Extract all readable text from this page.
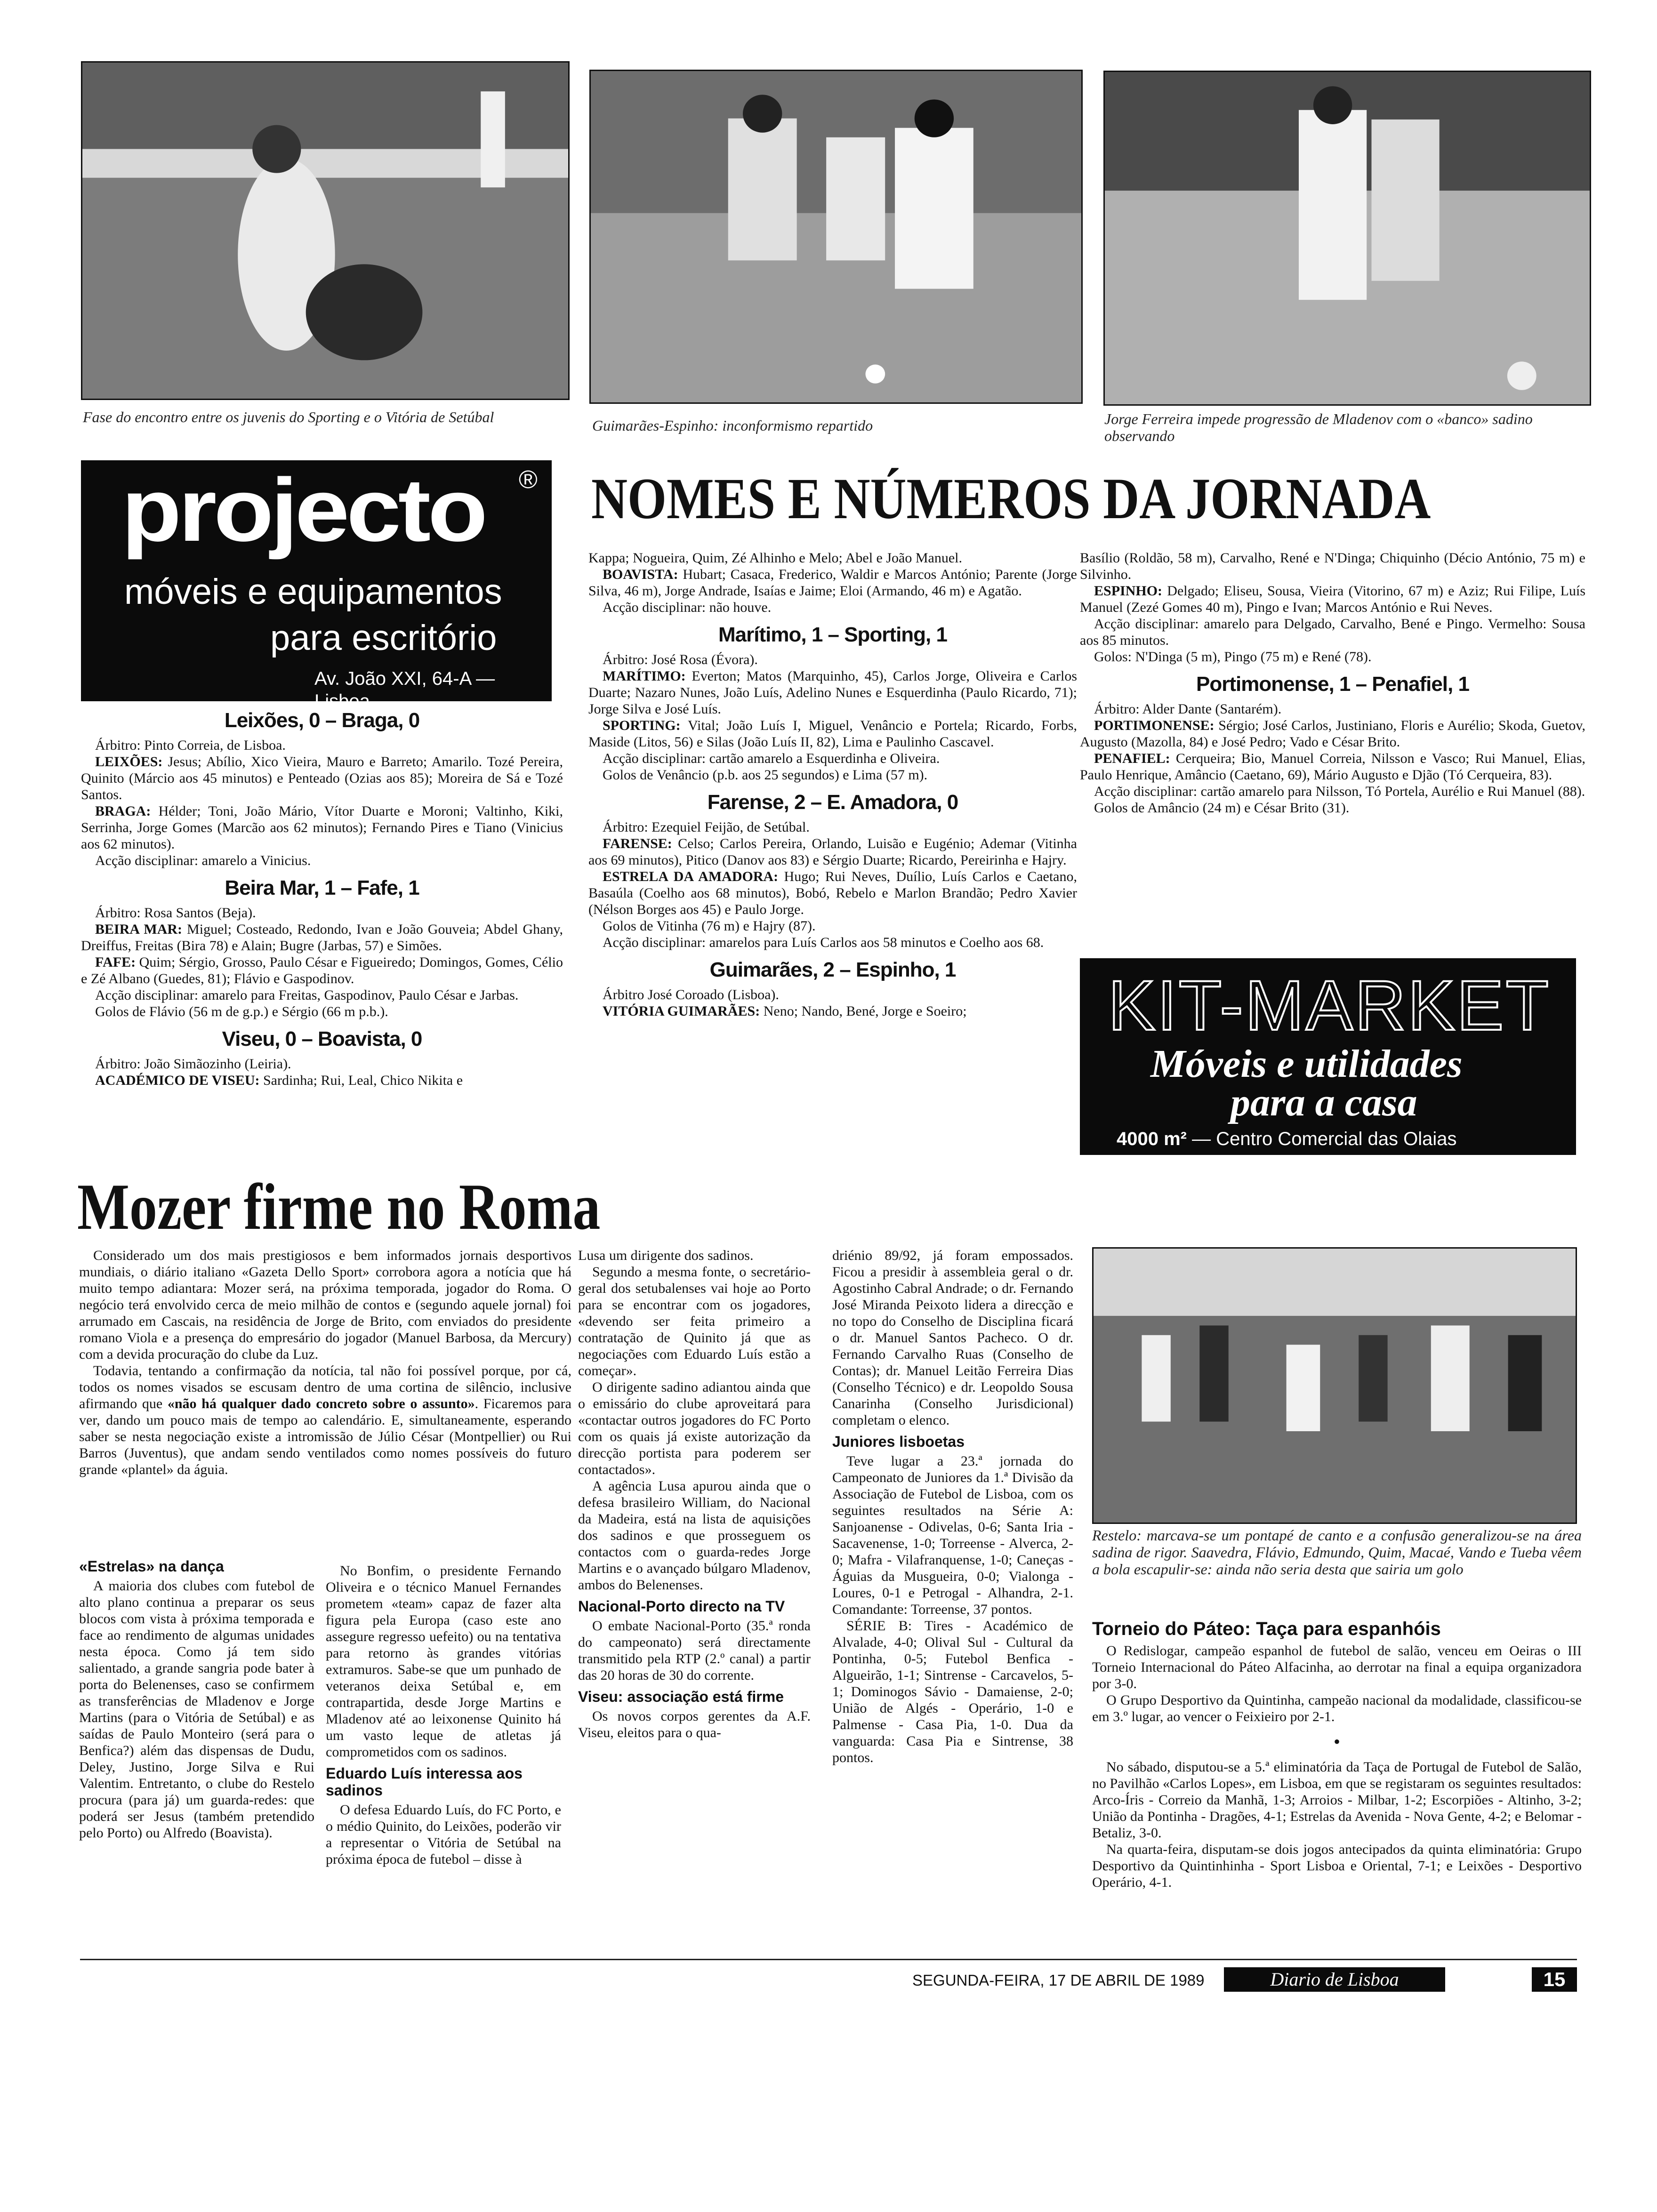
Fase do encontro entre os juvenis do Sporting e o Vitória de Setúbal	Guimarães-Espinho: inconformismo repartido	Jorge Ferreira impede progressão de Mladenov com o «banco» sadino observando
projecto ®
móveis e equipamentos
para escritório
Av. João XXI, 64-A — Lisboa
NOMES E NÚMEROS DA JORNADA
Leixões, 0 – Braga, 0

Árbitro: Pinto Correia, de Lisboa.

LEIXÕES: Jesus; Abílio, Xico Vieira, Mauro e Barreto; Amarilo. Tozé Pereira, Quinito (Márcio aos 45 minutos) e Penteado (Ozias aos 85); Moreira de Sá e Tozé Santos.

BRAGA: Hélder; Toni, João Mário, Vítor Duarte e Moroni; Valtinho, Kiki, Serrinha, Jorge Gomes (Marcão aos 62 minutos); Fernando Pires e Tiano (Vinicius aos 62 minutos).

Acção disciplinar: amarelo a Vinicius.

Beira Mar, 1 – Fafe, 1

Árbitro: Rosa Santos (Beja).

BEIRA MAR: Miguel; Costeado, Redondo, Ivan e João Gouveia; Abdel Ghany, Dreiffus, Freitas (Bira 78) e Alain; Bugre (Jarbas, 57) e Simões.

FAFE: Quim; Sérgio, Grosso, Paulo César e Figueiredo; Domingos, Gomes, Célio e Zé Albano (Guedes, 81); Flávio e Gaspodinov.

Acção disciplinar: amarelo para Freitas, Gaspodinov, Paulo César e Jarbas.

Golos de Flávio (56 m de g.p.) e Sérgio (66 m p.b.).

Viseu, 0 – Boavista, 0

Árbitro: João Simãozinho (Leiria).

ACADÉMICO DE VISEU: Sardinha; Rui, Leal, Chico Nikita e

Kappa; Nogueira, Quim, Zé Alhinho e Melo; Abel e João Manuel.

BOAVISTA: Hubart; Casaca, Frederico, Waldir e Marcos António; Parente (Jorge Silva, 46 m), Jorge Andrade, Isaías e Jaime; Eloi (Armando, 46 m) e Agatão.

Acção disciplinar: não houve.

Marítimo, 1 – Sporting, 1

Árbitro: José Rosa (Évora).

MARÍTIMO: Everton; Matos (Marquinho, 45), Carlos Jorge, Oliveira e Carlos Duarte; Nazaro Nunes, João Luís, Adelino Nunes e Esquerdinha (Paulo Ricardo, 71); Jorge Silva e José Luís.

SPORTING: Vital; João Luís I, Miguel, Venâncio e Portela; Ricardo, Forbs, Maside (Litos, 56) e Silas (João Luís II, 82), Lima e Paulinho Cascavel.

Acção disciplinar: cartão amarelo a Esquerdinha e Oliveira.

Golos de Venâncio (p.b. aos 25 segundos) e Lima (57 m).

Farense, 2 – E. Amadora, 0

Árbitro: Ezequiel Feijão, de Setúbal.

FARENSE: Celso; Carlos Pereira, Orlando, Luisão e Eugénio; Ademar (Vitinha aos 69 minutos), Pitico (Danov aos 83) e Sérgio Duarte; Ricardo, Pereirinha e Hajry.

ESTRELA DA AMADORA: Hugo; Rui Neves, Duílio, Luís Carlos e Caetano, Basaúla (Coelho aos 68 minutos), Bobó, Rebelo e Marlon Brandão; Pedro Xavier (Nélson Borges aos 45) e Paulo Jorge.

Golos de Vitinha (76 m) e Hajry (87).

Acção disciplinar: amarelos para Luís Carlos aos 58 minutos e Coelho aos 68.

Guimarães, 2 – Espinho, 1

Árbitro José Coroado (Lisboa).

VITÓRIA GUIMARÃES: Neno; Nando, Bené, Jorge e Soeiro;

Basílio (Roldão, 58 m), Carvalho, René e N'Dinga; Chiquinho (Décio António, 75 m) e Silvinho.

ESPINHO: Delgado; Eliseu, Sousa, Vieira (Vitorino, 67 m) e Aziz; Rui Filipe, Luís Manuel (Zezé Gomes 40 m), Pingo e Ivan; Marcos António e Rui Neves.

Acção disciplinar: amarelo para Delgado, Carvalho, Bené e Pingo. Vermelho: Sousa aos 85 minutos.

Golos: N'Dinga (5 m), Pingo (75 m) e René (78).

Portimonense, 1 – Penafiel, 1

Árbitro: Alder Dante (Santarém).

PORTIMONENSE: Sérgio; José Carlos, Justiniano, Floris e Aurélio; Skoda, Guetov, Augusto (Mazolla, 84) e José Pedro; Vado e César Brito.

PENAFIEL: Cerqueira; Bio, Manuel Correia, Nilsson e Vasco; Rui Manuel, Elias, Paulo Henrique, Amâncio (Caetano, 69), Mário Augusto e Djão (Tó Cerqueira, 83).

Acção disciplinar: cartão amarelo para Nilsson, Tó Portela, Aurélio e Rui Manuel (88).

Golos de Amâncio (24 m) e César Brito (31).

KIT-MARKET
Móveis e utilidades
para a casa
4000 m² — Centro Comercial das Olaias
Mozer firme no Roma

Considerado um dos mais prestigiosos e bem informados jornais desportivos mundiais, o diário italiano «Gazeta Dello Sport» corrobora agora a notícia que há muito tempo adiantara: Mozer será, na próxima temporada, jogador do Roma. O negócio terá envolvido cerca de meio milhão de contos e (segundo aquele jornal) foi arrumado em Cascais, na residência de Jorge de Brito, com enviados do presidente romano Viola e a presença do empresário do jogador (Manuel Barbosa, da Mercury) com a devida procuração do clube da Luz.

Todavia, tentando a confirmação da notícia, tal não foi possível porque, por cá, todos os nomes visados se escusam dentro de uma cortina de silêncio, inclusive afirmando que «não há qualquer dado concreto sobre o assunto». Ficaremos para ver, dando um pouco mais de tempo ao calendário. E, simultaneamente, esperando saber se nesta negociação existe a intromissão de Júlio César (Montpellier) ou Rui Barros (Juventus), que andam sendo ventilados como nomes possíveis do futuro grande «plantel» da águia.

«Estrelas» na dança

A maioria dos clubes com futebol de alto plano continua a preparar os seus blocos com vista à próxima temporada e face ao rendimento de algumas unidades nesta época. Como já tem sido salientado, a grande sangria pode bater à porta do Belenenses, caso se confirmem as transferências de Mladenov e Jorge Martins (para o Vitória de Setúbal) e as saídas de Paulo Monteiro (será para o Benfica?) além das dispensas de Dudu, Deley, Justino, Jorge Silva e Rui Valentim. Entretanto, o clube do Restelo procura (para já) um guarda-redes: que poderá ser Jesus (também pretendido pelo Porto) ou Alfredo (Boavista).

No Bonfim, o presidente Fernando Oliveira e o técnico Manuel Fernandes prometem «team» capaz de fazer alta figura pela Europa (caso este ano assegure regresso uefeito) ou na tentativa para retorno às grandes vitórias extramuros. Sabe-se que um punhado de veteranos deixa Setúbal e, em contrapartida, desde Jorge Martins e Mladenov até ao leixonense Quinito há um vasto leque de atletas já comprometidos com os sadinos.

Eduardo Luís interessa aos sadinos

O defesa Eduardo Luís, do FC Porto, e o médio Quinito, do Leixões, poderão vir a representar o Vitória de Setúbal na próxima época de futebol – disse à

Lusa um dirigente dos sadinos.

Segundo a mesma fonte, o secretário-geral dos setubalenses vai hoje ao Porto para se encontrar com os jogadores, «devendo ser feita primeiro a contratação de Quinito já que as negociações com Eduardo Luís estão a começar».

O dirigente sadino adiantou ainda que o emissário do clube aproveitará para «contactar outros jogadores do FC Porto com os quais já existe autorização da direcção portista para poderem ser contactados».

A agência Lusa apurou ainda que o defesa brasileiro William, do Nacional da Madeira, está na lista de aquisições dos sadinos e que prosseguem os contactos com o guarda-redes Jorge Martins e o avançado búlgaro Mladenov, ambos do Belenenses.

Nacional-Porto directo na TV

O embate Nacional-Porto (35.ª ronda do campeonato) será directamente transmitido pela RTP (2.º canal) a partir das 20 horas de 30 do corrente.

Viseu: associação está firme

Os novos corpos gerentes da A.F. Viseu, eleitos para o qua-

driénio 89/92, já foram empossados. Ficou a presidir à assembleia geral o dr. Agostinho Cabral Andrade; o dr. Fernando José Miranda Peixoto lidera a direcção e no topo do Conselho de Disciplina ficará o dr. Manuel Santos Pacheco. O dr. Fernando Carvalho Ruas (Conselho de Contas); dr. Manuel Leitão Ferreira Dias (Conselho Técnico) e dr. Leopoldo Sousa Canarinha (Conselho Jurisdicional) completam o elenco.

Juniores lisboetas

Teve lugar a 23.ª jornada do Campeonato de Juniores da 1.ª Divisão da Associação de Futebol de Lisboa, com os seguintes resultados na Série A: Sanjoanense - Odivelas, 0-6; Santa Iria - Sacavenense, 1-0; Torreense - Alverca, 2-0; Mafra - Vilafranquense, 1-0; Caneças - Águias da Musgueira, 0-0; Vialonga - Loures, 0-1 e Petrogal - Alhandra, 2-1. Comandante: Torreense, 37 pontos.

SÉRIE B: Tires - Académico de Alvalade, 4-0; Olival Sul - Cultural da Pontinha, 0-5; Futebol Benfica - Algueirão, 1-1; Sintrense - Carcavelos, 5-1; Dominogos Sávio - Damaiense, 2-0; União de Algés - Operário, 1-0 e Palmense - Casa Pia, 1-0. Dua da vanguarda: Casa Pia e Sintrense, 38 pontos.

Restelo: marcava-se um pontapé de canto e a confusão generalizou-se na área sadina de rigor. Saavedra, Flávio, Edmundo, Quim, Macaé, Vando e Tueba vêem a bola escapulir-se: ainda não seria desta que sairia um golo
Torneio do Páteo: Taça para espanhóis

O Redislogar, campeão espanhol de futebol de salão, venceu em Oeiras o III Torneio Internacional do Páteo Alfacinha, ao derrotar na final a equipa organizadora por 3-0.

O Grupo Desportivo da Quintinha, campeão nacional da modalidade, classificou-se em 3.º lugar, ao vencer o Feixieiro por 2-1.

•

No sábado, disputou-se a 5.ª eliminatória da Taça de Portugal de Futebol de Salão, no Pavilhão «Carlos Lopes», em Lisboa, em que se registaram os seguintes resultados: Arco-Íris - Correio da Manhã, 1-3; Arroios - Milbar, 1-2; Escorpiões - Altinho, 3-2; União da Pontinha - Dragões, 4-1; Estrelas da Avenida - Nova Gente, 4-2; e Belomar - Betaliz, 3-0.

Na quarta-feira, disputam-se dois jogos antecipados da quinta eliminatória: Grupo Desportivo da Quintinhinha - Sport Lisboa e Oriental, 7-1; e Leixões - Desportivo Operário, 4-1.

SEGUNDA-FEIRA, 17 DE ABRIL DE 1989	Diario de Lisboa	15
